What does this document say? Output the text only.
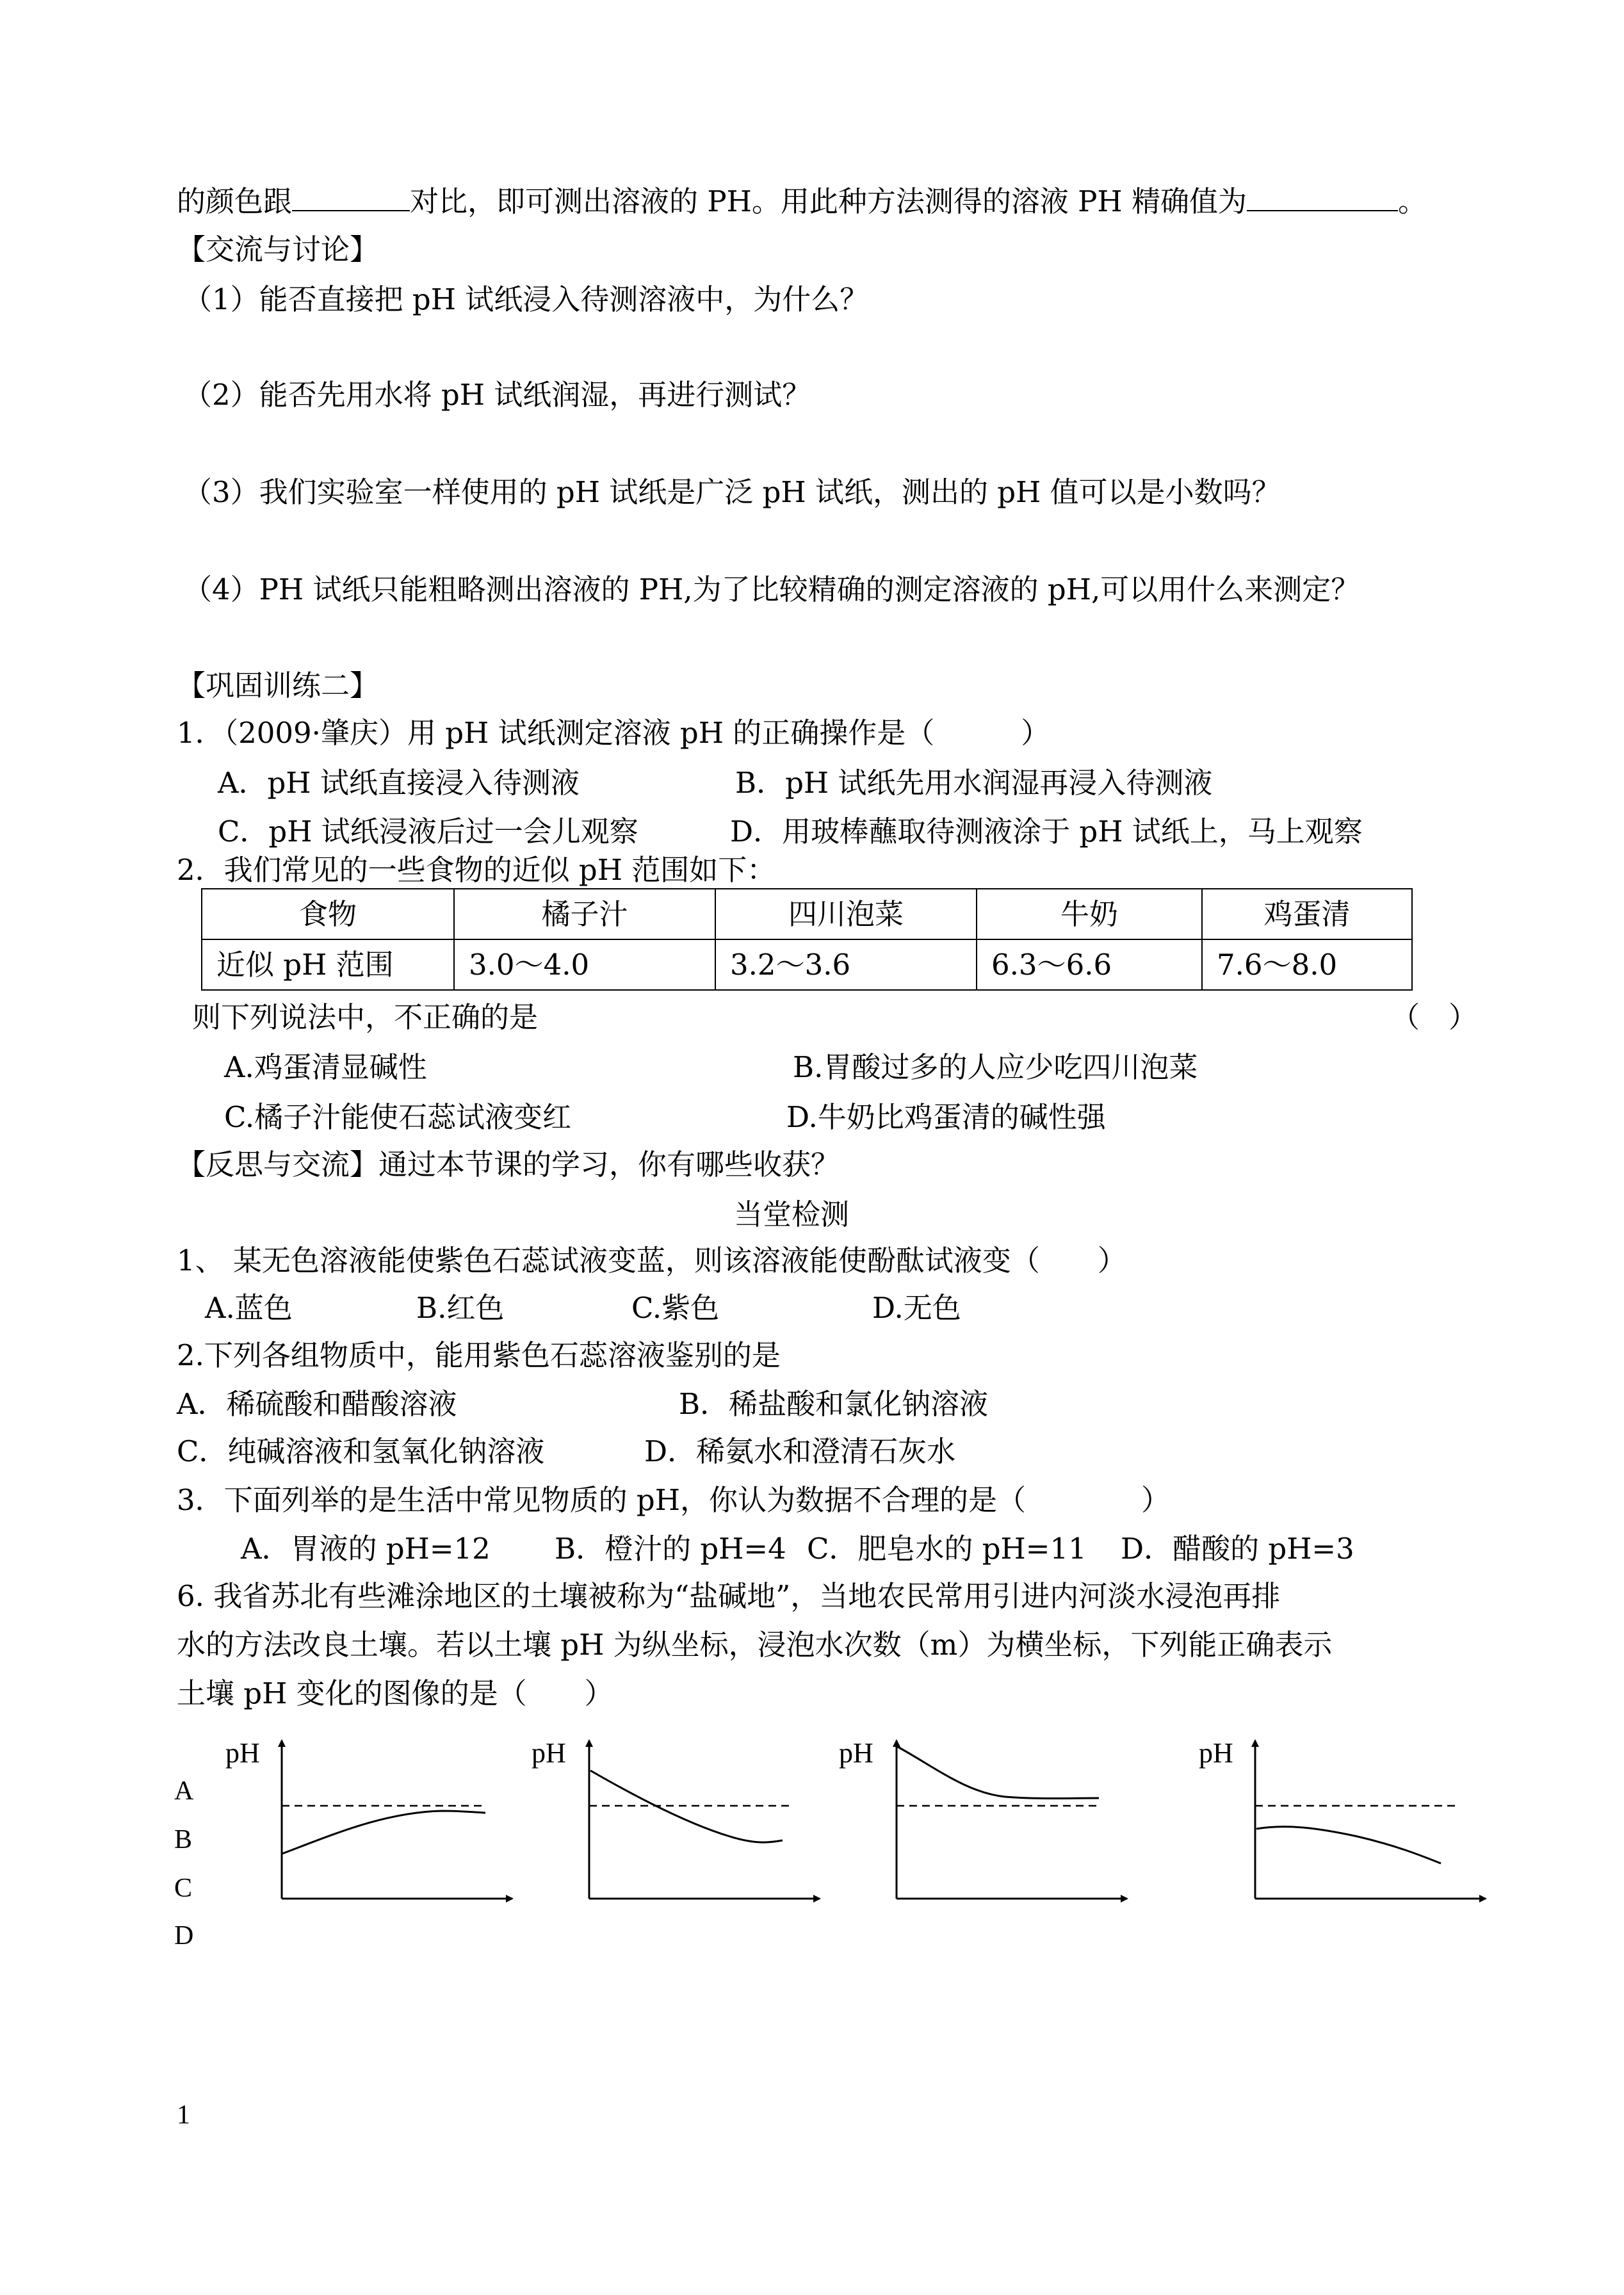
的颜色跟	对比，即可测出溶液的 PH。用此种方法测得的溶液 PH 精确值为	。
【交流与讨论】
（1）能否直接把 pH 试纸浸入待测溶液中，为什么？
（2）能否先用水将 pH 试纸润湿，再进行测试？
（3）我们实验室一样使用的 pH 试纸是广泛 pH 试纸，测出的 pH 值可以是小数吗？
（4）PH 试纸只能粗略测出溶液的 PH,为了比较精确的测定溶液的 pH,可以用什么来测定？
【巩固训练二】
1．（2009·肇庆）用 pH 试纸测定溶液 pH 的正确操作是（　　　）
A．pH 试纸直接浸入待测液	B．pH 试纸先用水润湿再浸入待测液
C．pH 试纸浸液后过一会儿观察	D．用玻棒蘸取待测液涂于 pH 试纸上，马上观察
2．我们常见的一些食物的近似 pH 范围如下：
食物	橘子汁	四川泡菜	牛奶	鸡蛋清
近似 pH 范围	3.0～4.0	3.2～3.6	6.3～6.6	7.6～8.0
则下列说法中，不正确的是	（　）
A.鸡蛋清显碱性	B.胃酸过多的人应少吃四川泡菜
C.橘子汁能使石蕊试液变红	D.牛奶比鸡蛋清的碱性强
【反思与交流】通过本节课的学习，你有哪些收获？
当堂检测
1、 某无色溶液能使紫色石蕊试液变蓝，则该溶液能使酚酞试液变（　　）
A.蓝色	B.红色	C.紫色	D.无色
2.下列各组物质中，能用紫色石蕊溶液鉴别的是
A．稀硫酸和醋酸溶液	B．稀盐酸和氯化钠溶液
C．纯碱溶液和氢氧化钠溶液	D．稀氨水和澄清石灰水
3．下面列举的是生活中常见物质的 pH，你认为数据不合理的是（　　　　）
A．胃液的 pH=12 B．橙汁的 pH=4 C．肥皂水的 pH=11 D．醋酸的 pH=3
6. 我省苏北有些滩涂地区的土壤被称为“盐碱地”，当地农民常用引进内河淡水浸泡再排
水的方法改良土壤。若以土壤 pH 为纵坐标，浸泡水次数（m）为横坐标，下列能正确表示
土壤 pH 变化的图像的是（　　）
A
B
C
D
pH	pH	pH	pH
1
